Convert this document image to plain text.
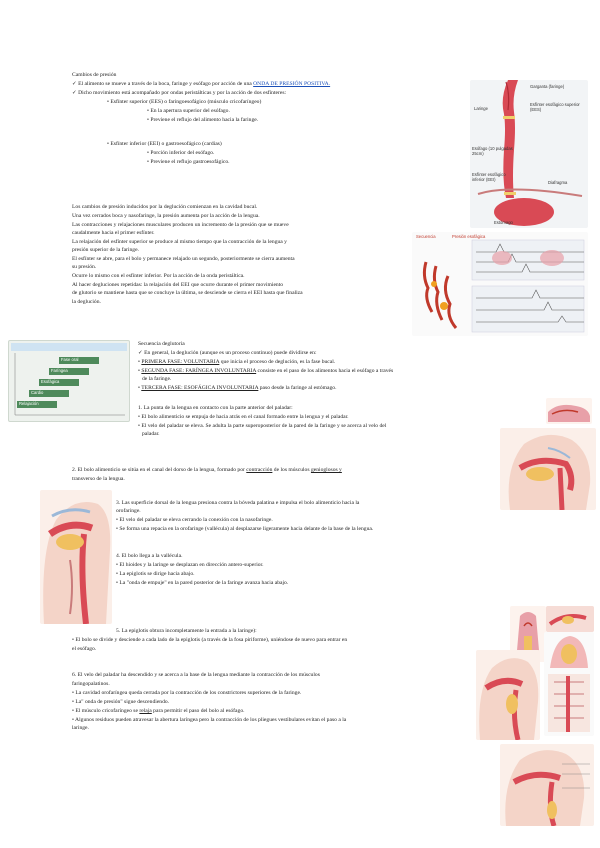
Cambios de presión
✓ El alimento se mueve a través de la boca, faringe y esófago por acción de una ONDA DE PRESIÓN POSITIVA.
✓ Dicho movimiento está acompañado por ondas peristálticas y por la acción de dos esfínteres:
• Esfínter superior (EES) o faringoesofágico (músculo cricofaríngeo)
• En la apertura superior del esófago.
• Previene el reflujo del alimento hacia la faringe.
• Esfínter inferior (EEI) o gastroesofágico (cardias)
• Porción inferior del esófago.
• Previene el reflujo gastroesofágico.
Garganta (faringe)
Esfínter esofágico superior (EES)
Laringe
Esófago (10 pulgadas 25cm)
Esfínter esofágico inferior (EEI)
Diafragma
Estómago
Los cambios de presión inducidos por la deglución comienzan en la cavidad bucal.
Una vez cerrados boca y nasofaringe, la presión aumenta por la acción de la lengua.
Las contracciones y relajaciones musculares producen un incremento de la presión que se mueve
caudalmente hacia el primer esfínter.
La relajación del esfínter superior se produce al mismo tiempo que la contracción de la lengua y
presión superior de la faringe.
El esfínter se abre, para el bolo y permanece relajado un segundo, posteriormente se cierra aumenta
su presión.
Ocurre lo mismo con el esfínter inferior. Por la acción de la onda peristáltica.
Al hacer degluciones repetidas: la relajación del EEI que ocurre durante el primer movimiento
de glutorio se mantiene hasta que se concluye la última, se desciende se cierra el EEI hasta que finaliza
la deglución.
Secuencia	Presión esofágica
Fase oral
Faríngea
Esofágica
Cardio
Relajación
Secuencia deglutoria
✓ En general, la deglución (aunque es un proceso continuo) puede dividirse en:
• PRIMERA FASE: VOLUNTARIA que inicia el proceso de deglución, es la fase bucal.
• SEGUNDA FASE: FARÍNGEA INVOLUNTARIA consiste en el paso de los alimentos hacia el esófago a través
de la faringe.
• TERCERA FASE: ESOFÁGICA INVOLUNTARIA paso desde la faringe al estómago.
1. La punta de la lengua en contacto con la parte anterior del paladar:
• El bolo alimenticio se empuja de hacia atrás en el canal formado entre la lengua y el paladar.
• El velo del paladar se eleva. Se adulta la parte superoposterior de la pared de la faringe y se acerca al velo del
paladar.
2. El bolo alimenticio se sitúa en el canal del dorso de la lengua, formado por contracción de los músculos genioglosos y
transverso de la lengua.
3. Las superficie dorsal de la lengua presiona contra la bóveda palatina e impulsa el bolo alimenticio hacia la
orofaringe.
• El velo del paladar se eleva cerrando la conexión con la nasofaringe.
• Se forma una repacia en la orofaringe (vallécula) al desplazarse ligeramente hacia delante de la base de la lengua.
4. El bolo llega a la vallécula.
• El hioides y la laringe se desplazan en dirección antero-superior.
• La epiglotis se dirige hacia abajo.
• La "onda de empuje" en la pared posterior de la faringe avanza hacia abajo.
5. La epiglotis obtura incompletamente la entrada a la laringe):
• El bolo se divide y desciende a cada lado de la epiglotis (a través de la fosa piriforme), uniéndose de nuevo para entrar en
el esófago.
6. El velo del paladar ha descendido y se acerca a la base de la lengua mediante la contracción de los músculos
faringopalatinos.
• La cavidad orofaríngea queda cerrada por la contracción de los constrictores superiores de la faringe.
• La" onda de presión" sigue descendiendo.
• El músculo cricofaríngeo se relaja para permitir el paso del bolo al esófago.
• Algunos residuos pueden atravesar la abertura laríngea pero la contracción de los pliegues vestibulares evitan el paso a la
laringe.
